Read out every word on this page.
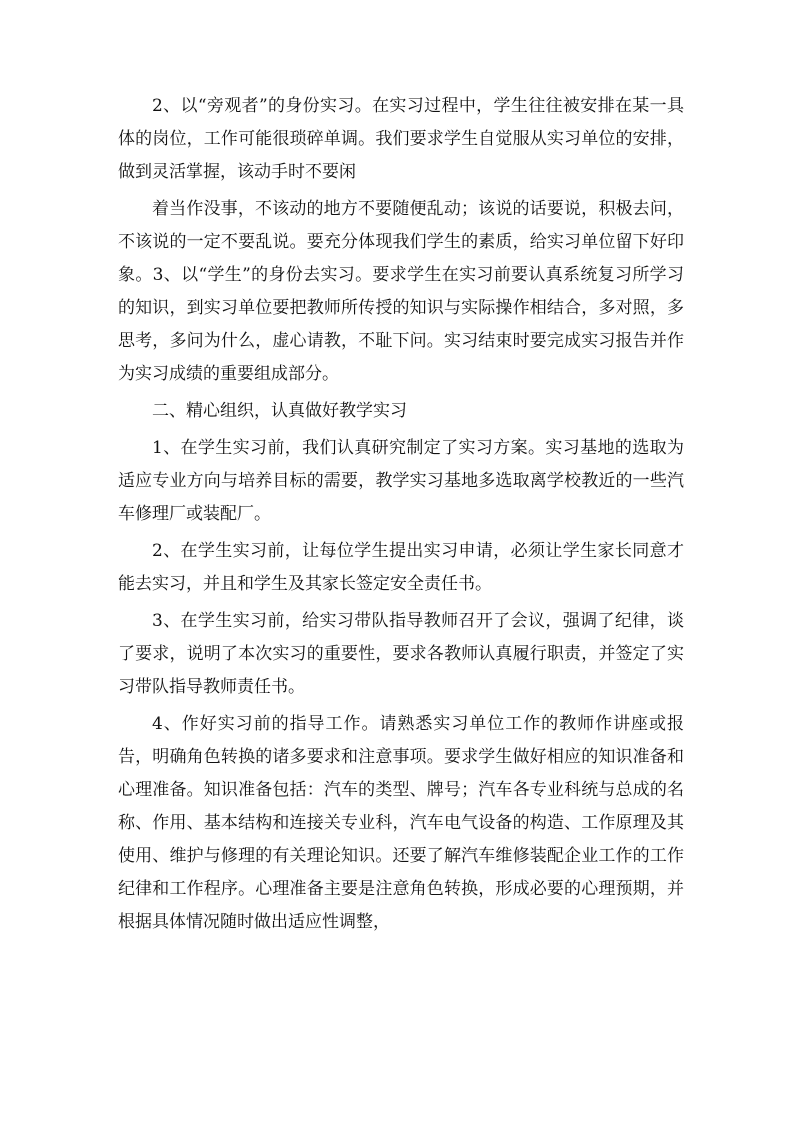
2、以“旁观者”的身份实习。在实习过程中，学生往往被安排在某一具体的岗位，工作可能很琐碎单调。我们要求学生自觉服从实习单位的安排，做到灵活掌握，该动手时不要闲

着当作没事，不该动的地方不要随便乱动；该说的话要说，积极去问，不该说的一定不要乱说。要充分体现我们学生的素质，给实习单位留下好印象。3、以“学生”的身份去实习。要求学生在实习前要认真系统复习所学习的知识，到实习单位要把教师所传授的知识与实际操作相结合，多对照，多思考，多问为什么，虚心请教，不耻下问。实习结束时要完成实习报告并作为实习成绩的重要组成部分。

二、精心组织，认真做好教学实习

1、在学生实习前，我们认真研究制定了实习方案。实习基地的选取为适应专业方向与培养目标的需要，教学实习基地多选取离学校教近的一些汽车修理厂或装配厂。

2、在学生实习前，让每位学生提出实习申请，必须让学生家长同意才能去实习，并且和学生及其家长签定安全责任书。

3、在学生实习前，给实习带队指导教师召开了会议，强调了纪律，谈了要求，说明了本次实习的重要性，要求各教师认真履行职责，并签定了实习带队指导教师责任书。

4、作好实习前的指导工作。请熟悉实习单位工作的教师作讲座或报告，明确角色转换的诸多要求和注意事项。要求学生做好相应的知识准备和心理准备。知识准备包括：汽车的类型、牌号；汽车各专业科统与总成的名称、作用、基本结构和连接关专业科，汽车电气设备的构造、工作原理及其使用、维护与修理的有关理论知识。还要了解汽车维修装配企业工作的工作纪律和工作程序。心理准备主要是注意角色转换，形成必要的心理预期，并根据具体情况随时做出适应性调整，
